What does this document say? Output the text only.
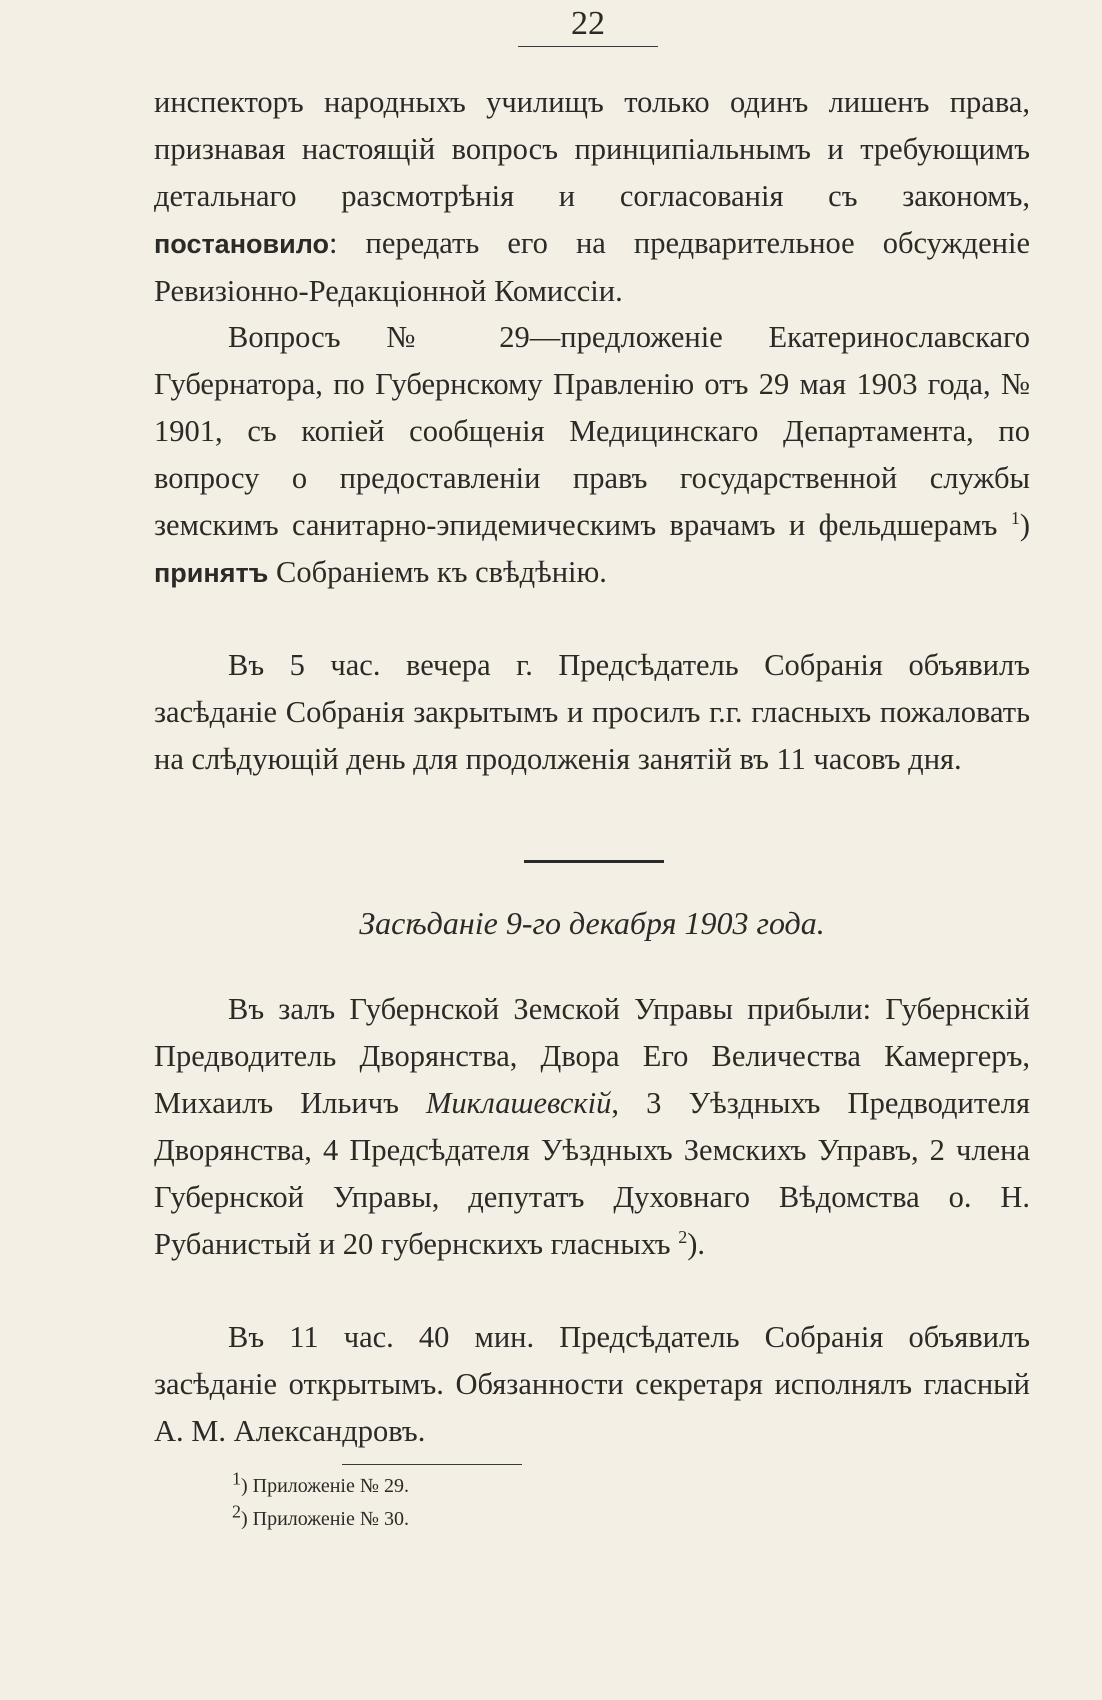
22

инспекторъ народныхъ училищъ только одинъ лишенъ права, признавая настоящій вопросъ принципіальнымъ и требующимъ детальнаго разсмотрѣнія и согласованія съ закономъ, постановило: передать его на предварительное обсужденіе Ревизіонно-Редакціонной Комиссіи.

Вопросъ № 29—предложеніе Екатеринославскаго Губернатора, по Губернскому Правленію отъ 29 мая 1903 года, № 1901, съ копіей сообщенія Медицинскаго Департамента, по вопросу о предоставленіи правъ государственной службы земскимъ санитарно-эпидемическимъ врачамъ и фельдшерамъ $^1$) принятъ Собраніемъ къ свѣдѣнію.

Въ 5 час. вечера г. Предсѣдатель Собранія объявилъ засѣданіе Собранія закрытымъ и просилъ г.г. гласныхъ пожаловать на слѣдующій день для продолженія занятій въ 11 часовъ дня.

Засѣданіе 9-го декабря 1903 года.

Въ залъ Губернской Земской Управы прибыли: Губернскій Предводитель Дворянства, Двора Его Величества Камергеръ, Михаилъ Ильичъ Миклашевскій, 3 Уѣздныхъ Предводителя Дворянства, 4 Предсѣдателя Уѣздныхъ Земскихъ Управъ, 2 члена Губернской Управы, депутатъ Духовнаго Вѣдомства о. Н. Рубанистый и 20 губернскихъ гласныхъ $^2$).

Въ 11 час. 40 мин. Предсѣдатель Собранія объявилъ засѣданіе открытымъ. Обязанности секретаря исполнялъ гласный А. М. Александровъ.

$^1$) Приложеніе № 29.

$^2$) Приложеніе № 30.
